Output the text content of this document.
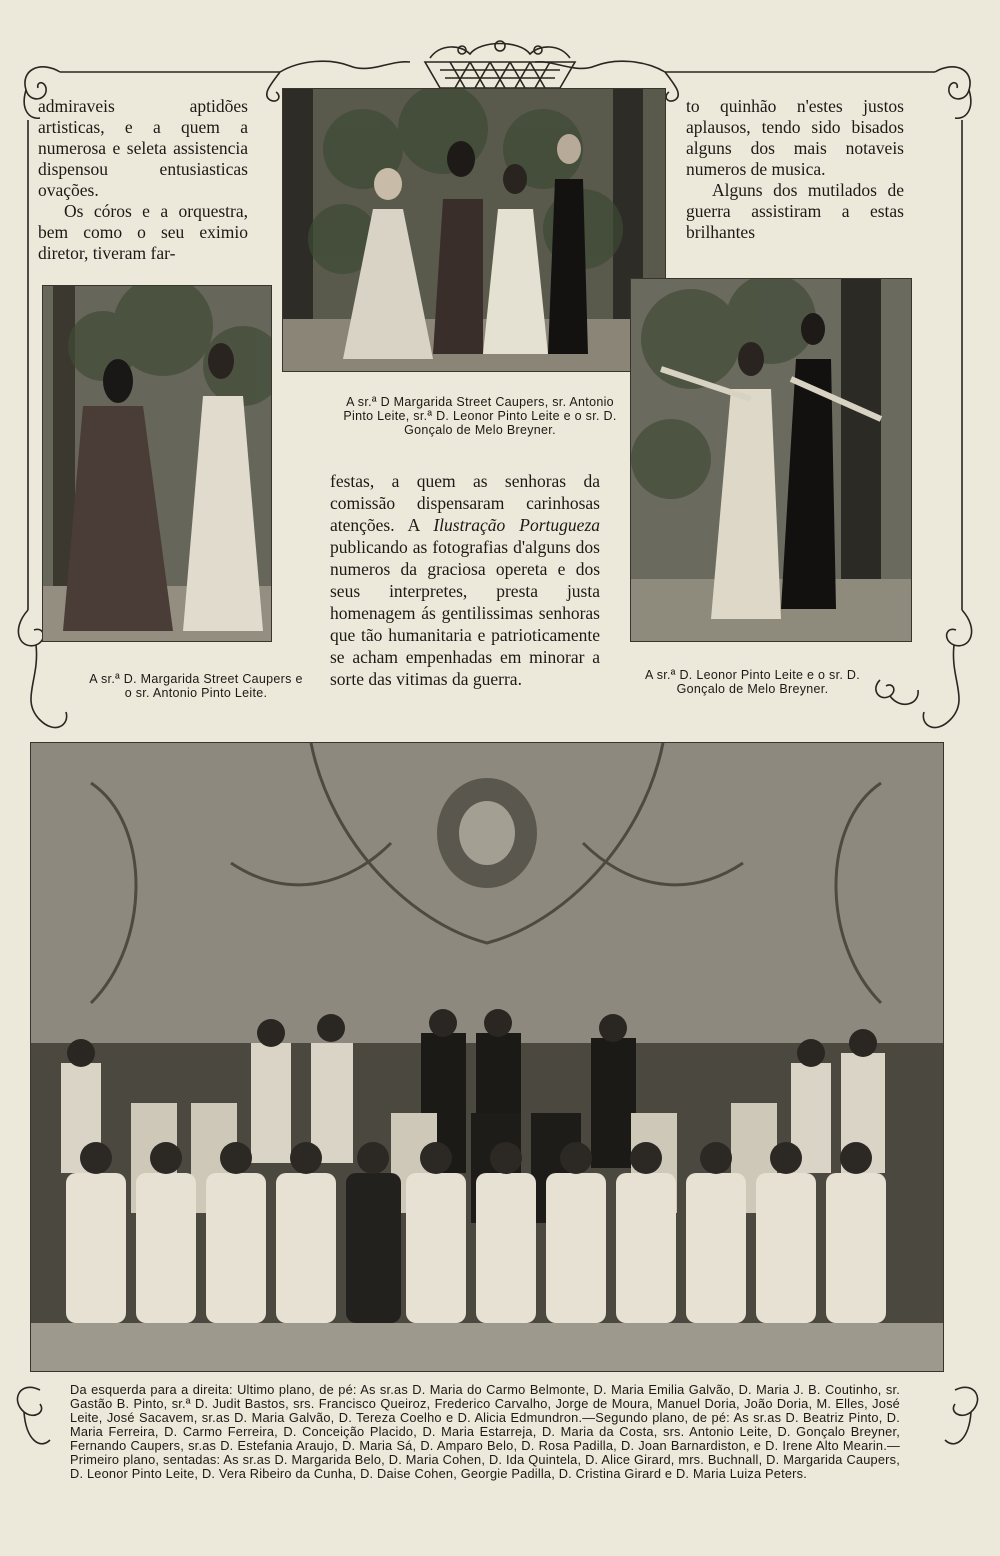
admiraveis aptidões artisticas, e a quem a numerosa e seleta assistencia dispensou entusiasticas ovações.

Os córos e a orquestra, bem como o seu eximio diretor, tiveram far-

to quinhão n'estes justos aplausos, tendo sido bisados alguns dos mais notaveis numeros de musica.

Alguns dos mutilados de guerra assistiram a estas brilhantes

A sr.ª D Margarida Street Caupers, sr. Antonio Pinto Leite, sr.ª D. Leonor Pinto Leite e o sr. D. Gonçalo de Melo Breyner.

A sr.ª D. Margarida Street Caupers e o sr. Antonio Pinto Leite.

A sr.ª D. Leonor Pinto Leite e o sr. D. Gonçalo de Melo Breyner.

festas, a quem as senhoras da comissão dispensaram carinhosas atenções. A Ilustração Portugueza publicando as fotografias d'alguns dos numeros da graciosa opereta e dos seus interpretes, presta justa homenagem ás gentilissimas senhoras que tão humanitaria e patrioticamente se acham empenhadas em minorar a sorte das vitimas da guerra.

Da esquerda para a direita: Ultimo plano, de pé: As sr.as D. Maria do Carmo Belmonte, D. Maria Emilia Galvão, D. Maria J. B. Coutinho, sr. Gastão B. Pinto, sr.ª D. Judit Bastos, srs. Francisco Queiroz, Frederico Carvalho, Jorge de Moura, Manuel Doria, João Doria, M. Elles, José Leite, José Sacavem, sr.as D. Maria Galvão, D. Tereza Coelho e D. Alicia Edmundron.—Segundo plano, de pé: As sr.as D. Beatriz Pinto, D. Maria Ferreira, D. Carmo Ferreira, D. Conceição Placido, D. Maria Estarreja, D. Maria da Costa, srs. Antonio Leite, D. Gonçalo Breyner, Fernando Caupers, sr.as D. Estefania Araujo, D. Maria Sá, D. Amparo Belo, D. Rosa Padilla, D. Joan Barnardiston, e D. Irene Alto Mearin.—Primeiro plano, sentadas: As sr.as D. Margarida Belo, D. Maria Cohen, D. Ida Quintela, D. Alice Girard, mrs. Buchnall, D. Margarida Caupers, D. Leonor Pinto Leite, D. Vera Ribeiro da Cunha, D. Daise Cohen, Georgie Padilla, D. Cristina Girard e D. Maria Luiza Peters.
